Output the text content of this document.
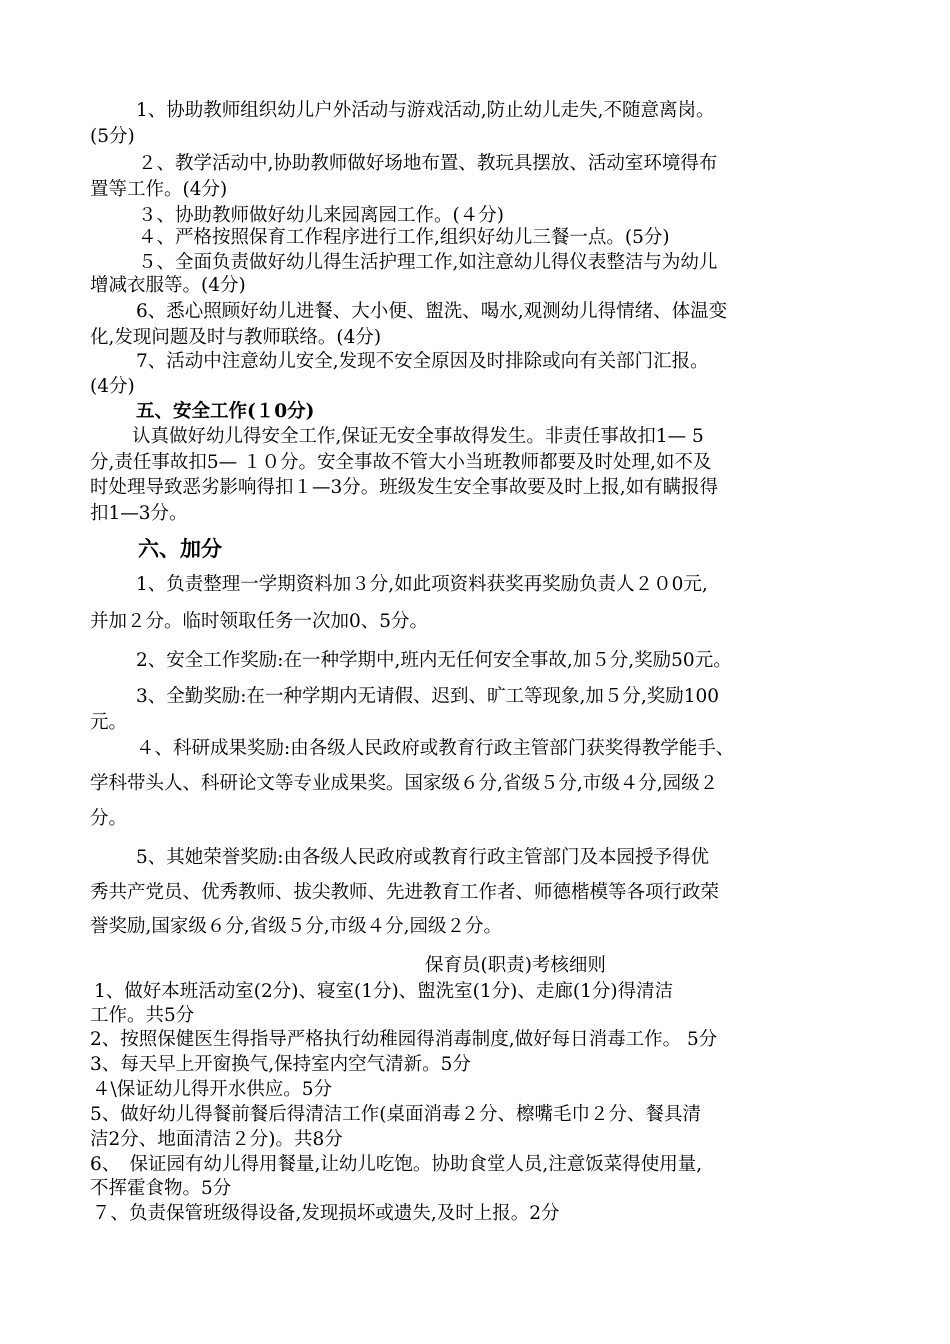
1、协助教师组织幼儿户外活动与游戏活动,防止幼儿走失,不随意离岗。
(5分)
２、教学活动中,协助教师做好场地布置、教玩具摆放、活动室环境得布
置等工作。(4分)
３、协助教师做好幼儿来园离园工作。(４分)
４、严格按照保育工作程序进行工作,组织好幼儿三餐一点。(5分)
５、全面负责做好幼儿得生活护理工作,如注意幼儿得仪表整洁与为幼儿
增减衣服等。(4分)
6、悉心照顾好幼儿进餐、大小便、盥洗、喝水,观测幼儿得情绪、体温变
化,发现问题及时与教师联络。(4分)
7、活动中注意幼儿安全,发现不安全原因及时排除或向有关部门汇报。
(4分)
五、安全工作(１0分)
认真做好幼儿得安全工作,保证无安全事故得发生。非责任事故扣1— 5
分,责任事故扣5— １０分。安全事故不管大小当班教师都要及时处理,如不及
时处理导致恶劣影响得扣１—3分。班级发生安全事故要及时上报,如有瞒报得
扣1—3分。
六、加分
1、负责整理一学期资料加３分,如此项资料获奖再奖励负责人２０0元,
并加２分。临时领取任务一次加0、5分。
2、安全工作奖励:在一种学期中,班内无任何安全事故,加５分,奖励50元。
3、全勤奖励:在一种学期内无请假、迟到、旷工等现象,加５分,奖励100
元。
４、科研成果奖励:由各级人民政府或教育行政主管部门获奖得教学能手、
学科带头人、科研论文等专业成果奖。国家级６分,省级５分,市级４分,园级２
分。
5、其她荣誉奖励:由各级人民政府或教育行政主管部门及本园授予得优
秀共产党员、优秀教师、拔尖教师、先进教育工作者、师德楷模等各项行政荣
誉奖励,国家级６分,省级５分,市级４分,园级２分。
保育员(职责)考核细则
1、做好本班活动室(2分)、寝室(1分)、盥洗室(1分)、走廊(1分)得清洁
工作。共5分
2、按照保健医生得指导严格执行幼稚园得消毒制度,做好每日消毒工作。 5分
3、每天早上开窗换气,保持室内空气清新。5分
４\保证幼儿得开水供应。5分
5、做好幼儿得餐前餐后得清洁工作(桌面消毒２分、檫嘴毛巾２分、餐具清
洁2分、地面清洁２分)。共8分
6、　保证园有幼儿得用餐量,让幼儿吃饱。协助食堂人员,注意饭菜得使用量,
不挥霍食物。5分
７、负责保管班级得设备,发现损坏或遗失,及时上报。2分
